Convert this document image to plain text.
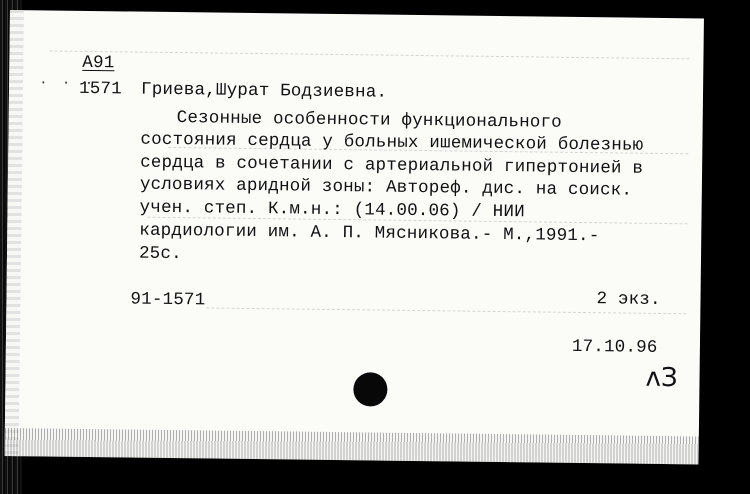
. . .
А91
1571 Гриева,Шурат Бодзиевна.
Сезонные особенности функционального
состояния сердца у больных ишемической болезнью
сердца в сочетании с артериальной гипертонией в
условиях аридной зоны: Автореф. дис. на соиск.
учен. степ. К.м.н.: (14.00.06) / НИИ
кардиологии им. А. П. Мясникова.- М.,1991.-
25с.
91-1571	2 экз.
17.10.96
ʌЗ
